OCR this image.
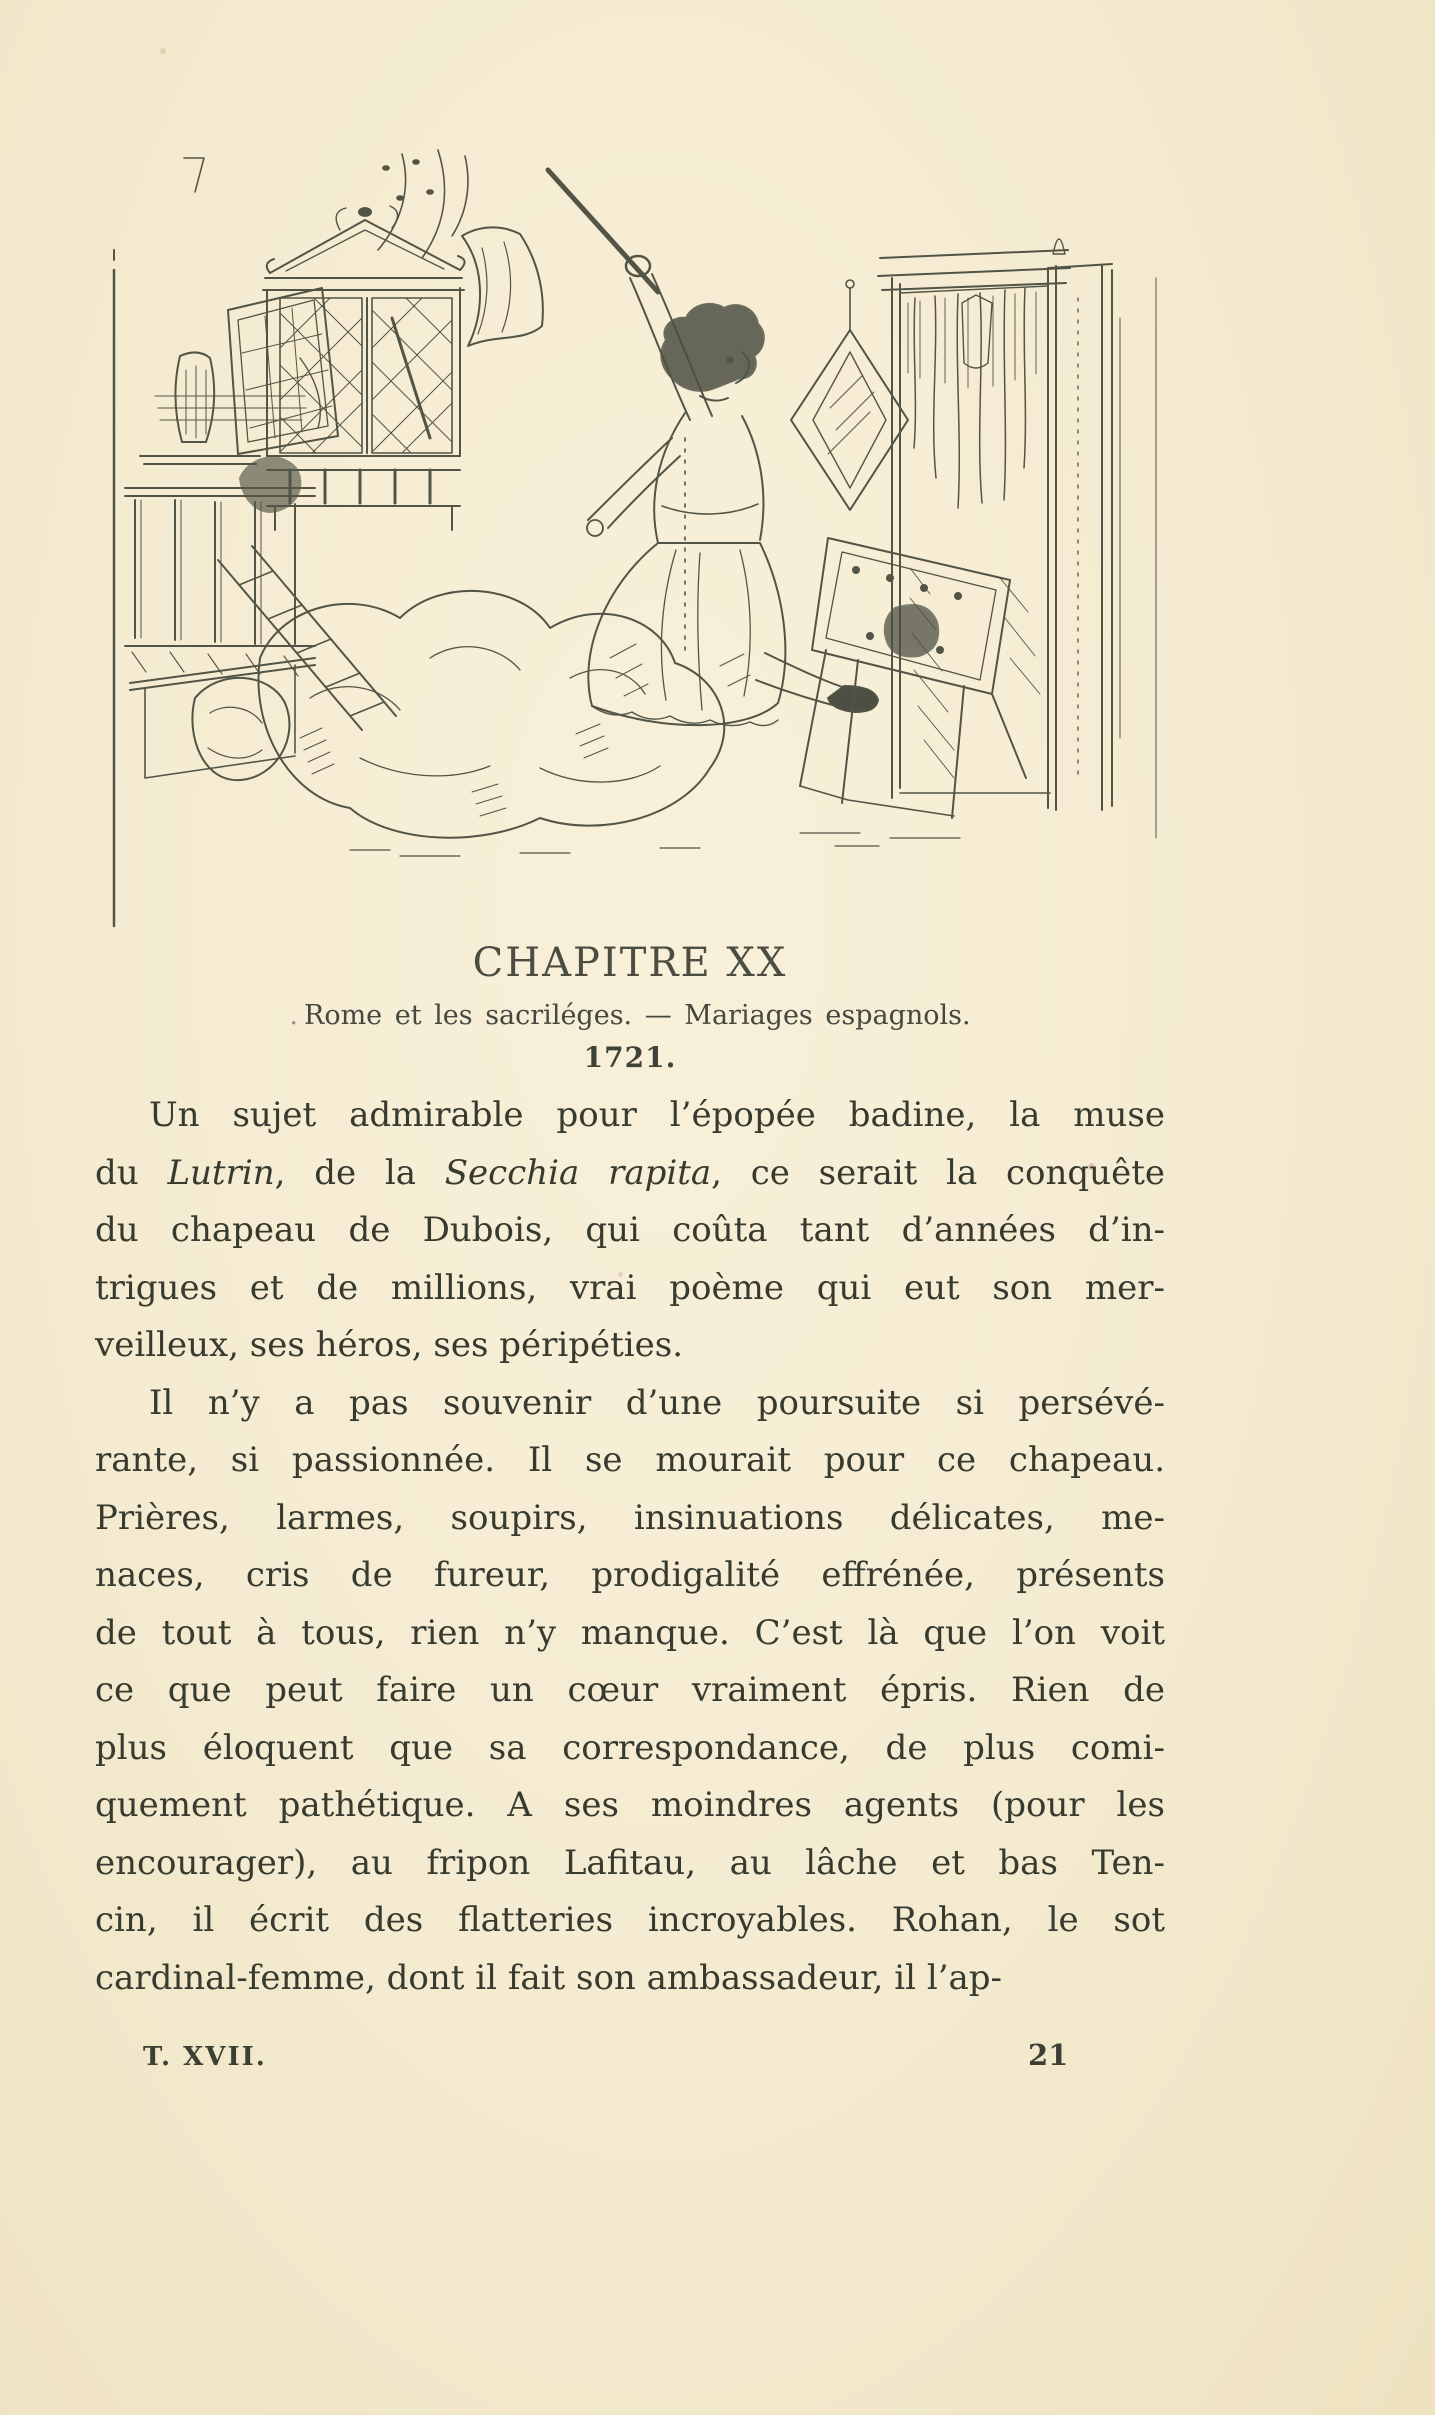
CHAPITRE XX
. Rome et les sacriléges. — Mariages espagnols.
1721.
Un sujet admirable pour l’épopée badine, la muse
du Lutrin, de la Secchia rapita, ce serait la conquête
du chapeau de Dubois, qui coûta tant d’années d’in-
trigues et de millions, vrai poème qui eut son mer-
veilleux, ses héros, ses péripéties.
Il n’y a pas souvenir d’une poursuite si persévé-
rante, si passionnée. Il se mourait pour ce chapeau.
Prières, larmes, soupirs, insinuations délicates, me-
naces, cris de fureur, prodigalité effrénée, présents
de tout à tous, rien n’y manque. C’est là que l’on voit
ce que peut faire un cœur vraiment épris. Rien de
plus éloquent que sa correspondance, de plus comi-
quement pathétique. A ses moindres agents (pour les
encourager), au fripon Lafitau, au lâche et bas Ten-
cin, il écrit des flatteries incroyables. Rohan, le sot
cardinal-femme, dont il fait son ambassadeur, il l’ap-
T. XVII.	21
